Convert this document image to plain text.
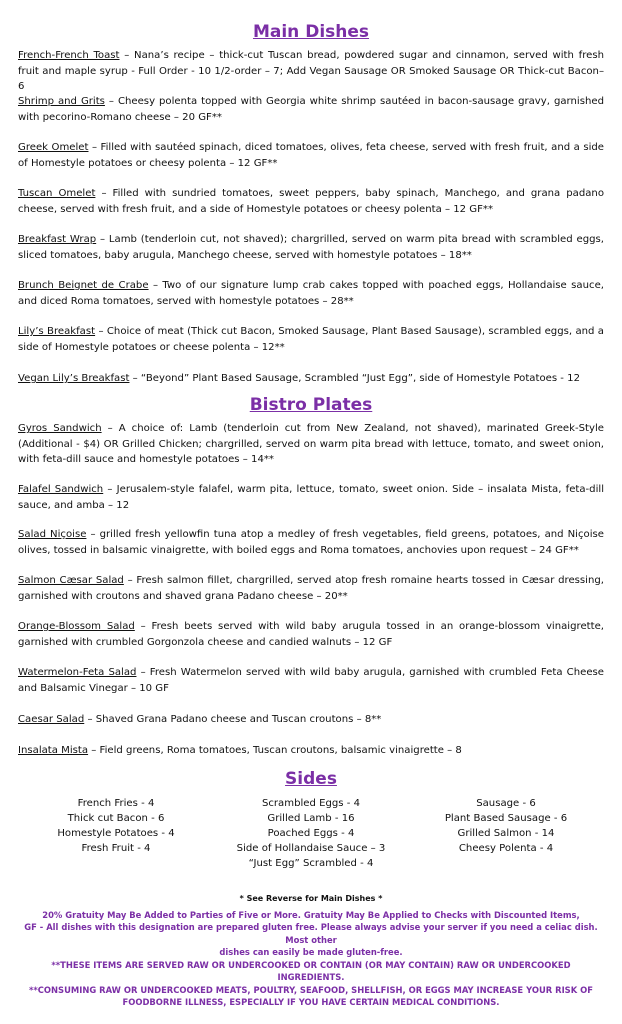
Main Dishes
French-French Toast – Nana’s recipe – thick-cut Tuscan bread, powdered sugar and cinnamon, served with fresh fruit and maple syrup - Full Order - 10 1/2-order – 7; Add Vegan Sausage OR Smoked Sausage OR Thick-cut Bacon– 6
Shrimp and Grits – Cheesy polenta topped with Georgia white shrimp sautéed in bacon-sausage gravy, garnished with pecorino-Romano cheese – 20 GF**
Greek Omelet – Filled with sautéed spinach, diced tomatoes, olives, feta cheese, served with fresh fruit, and a side of Homestyle potatoes or cheesy polenta – 12 GF**
Tuscan Omelet – Filled with sundried tomatoes, sweet peppers, baby spinach, Manchego, and grana padano cheese, served with fresh fruit, and a side of Homestyle potatoes or cheesy polenta – 12 GF**
Breakfast Wrap – Lamb (tenderloin cut, not shaved); chargrilled, served on warm pita bread with scrambled eggs, sliced tomatoes, baby arugula, Manchego cheese, served with homestyle potatoes – 18**
Brunch Beignet de Crabe – Two of our signature lump crab cakes topped with poached eggs, Hollandaise sauce, and diced Roma tomatoes, served with homestyle potatoes – 28**
Lily’s Breakfast – Choice of meat (Thick cut Bacon, Smoked Sausage, Plant Based Sausage), scrambled eggs, and a side of Homestyle potatoes or cheese polenta – 12**
Vegan Lily’s Breakfast – “Beyond” Plant Based Sausage, Scrambled “Just Egg”, side of Homestyle Potatoes - 12
Bistro Plates
Gyros Sandwich – A choice of: Lamb (tenderloin cut from New Zealand, not shaved), marinated Greek-Style (Additional - $4) OR Grilled Chicken; chargrilled, served on warm pita bread with lettuce, tomato, and sweet onion, with feta-dill sauce and homestyle potatoes – 14**
Falafel Sandwich – Jerusalem-style falafel, warm pita, lettuce, tomato, sweet onion. Side – insalata Mista, feta-dill sauce, and amba – 12
Salad Niçoise – grilled fresh yellowfin tuna atop a medley of fresh vegetables, field greens, potatoes, and Niçoise olives, tossed in balsamic vinaigrette, with boiled eggs and Roma tomatoes, anchovies upon request – 24 GF**
Salmon Cæsar Salad – Fresh salmon fillet, chargrilled, served atop fresh romaine hearts tossed in Cæsar dressing, garnished with croutons and shaved grana Padano cheese – 20**
Orange-Blossom Salad – Fresh beets served with wild baby arugula tossed in an orange-blossom vinaigrette, garnished with crumbled Gorgonzola cheese and candied walnuts – 12 GF
Watermelon-Feta Salad – Fresh Watermelon served with wild baby arugula, garnished with crumbled Feta Cheese and Balsamic Vinegar – 10 GF
Caesar Salad – Shaved Grana Padano cheese and Tuscan croutons – 8**
Insalata Mista – Field greens, Roma tomatoes, Tuscan croutons, balsamic vinaigrette – 8
Sides
French Fries - 4
Thick cut Bacon - 6
Homestyle Potatoes - 4
Fresh Fruit - 4
Scrambled Eggs - 4
Grilled Lamb - 16
Poached Eggs - 4
Side of Hollandaise Sauce – 3
“Just Egg” Scrambled - 4
Sausage - 6
Plant Based Sausage - 6
Grilled Salmon - 14
Cheesy Polenta - 4
* See Reverse for Main Dishes *
20% Gratuity May Be Added to Parties of Five or More. Gratuity May Be Applied to Checks with Discounted Items,
GF - All dishes with this designation are prepared gluten free. Please always advise your server if you need a celiac dish. Most other
dishes can easily be made gluten-free.
**THESE ITEMS ARE SERVED RAW OR UNDERCOOKED OR CONTAIN (OR MAY CONTAIN) RAW OR UNDERCOOKED
INGREDIENTS.
**CONSUMING RAW OR UNDERCOOKED MEATS, POULTRY, SEAFOOD, SHELLFISH, OR EGGS MAY INCREASE YOUR RISK OF
FOODBORNE ILLNESS, ESPECIALLY IF YOU HAVE CERTAIN MEDICAL CONDITIONS.
